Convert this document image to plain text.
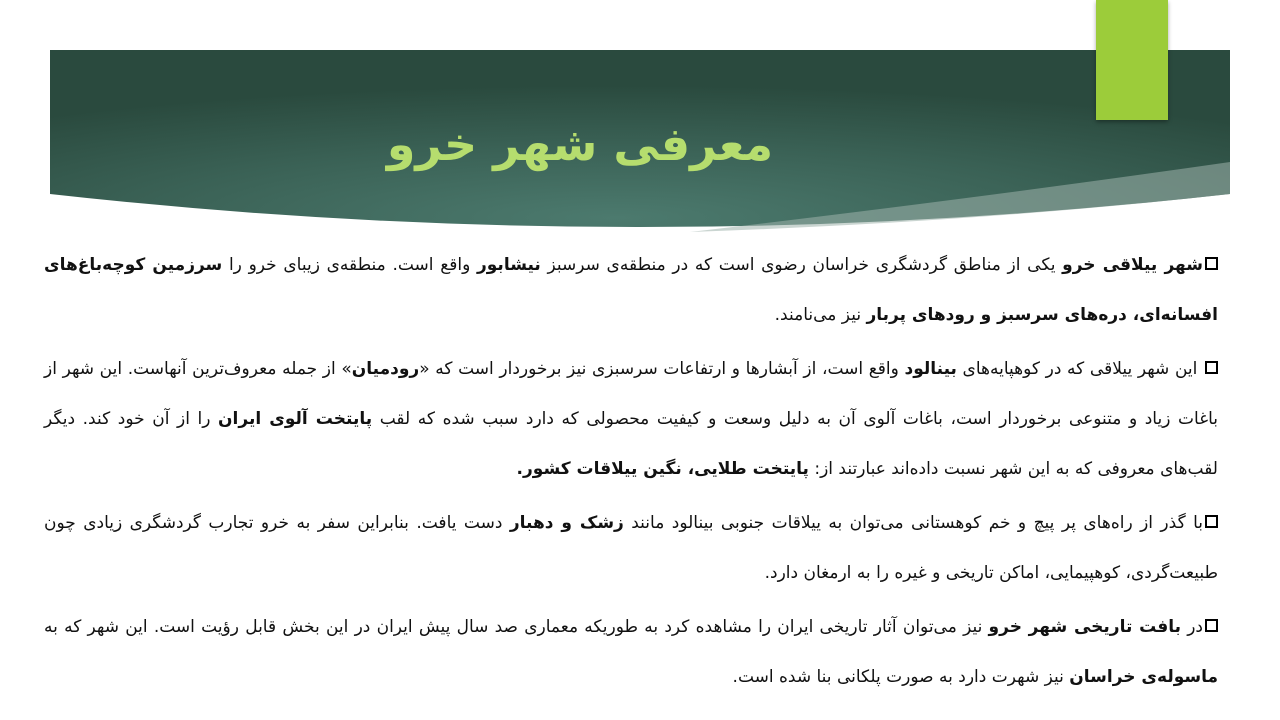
معرفی شهر خرو

شهر ییلاقی خرو یکی از مناطق گردشگری خراسان رضوی است که در منطقه‌ی سرسبز نیشابور واقع است. منطقه‌ی زیبای خرو را سرزمین کوچه‌باغ‌های افسانه‌ای، دره‌های سرسبز و رودهای پربار نیز می‌نامند.

این شهر ییلاقی که در کوهپایه‌های بینالود واقع است، از آبشارها و ارتفاعات سرسبزی نیز برخوردار است که «رودمیان» از جمله معروف‌ترین آنهاست. این شهر از باغات زیاد و متنوعی برخوردار است، باغات آلوی آن به دلیل وسعت و کیفیت محصولی که دارد سبب شده که لقب پایتخت آلوی ایران را از آن خود کند. دیگر لقب‌های معروفی که به این شهر نسبت داده‌اند عبارتند از: پایتخت طلایی، نگین ییلاقات کشور.

با گذر از راه‌های پر پیچ و خم کوهستانی می‌توان به ییلاقات جنوبی بینالود مانند زشک و دهبار دست یافت. بنابراین سفر به خرو تجارب گردشگری زیادی چون طبیعت‌گردی، کوهپیمایی، اماکن تاریخی و غیره را به ارمغان دارد.

در بافت تاریخی شهر خرو نیز می‌توان آثار تاریخی ایران را مشاهده کرد به طوریکه معماری صد سال پیش ایران در این بخش قابل رؤیت است. این شهر که به ماسوله‌ی خراسان نیز شهرت دارد به صورت پلکانی بنا شده است.
